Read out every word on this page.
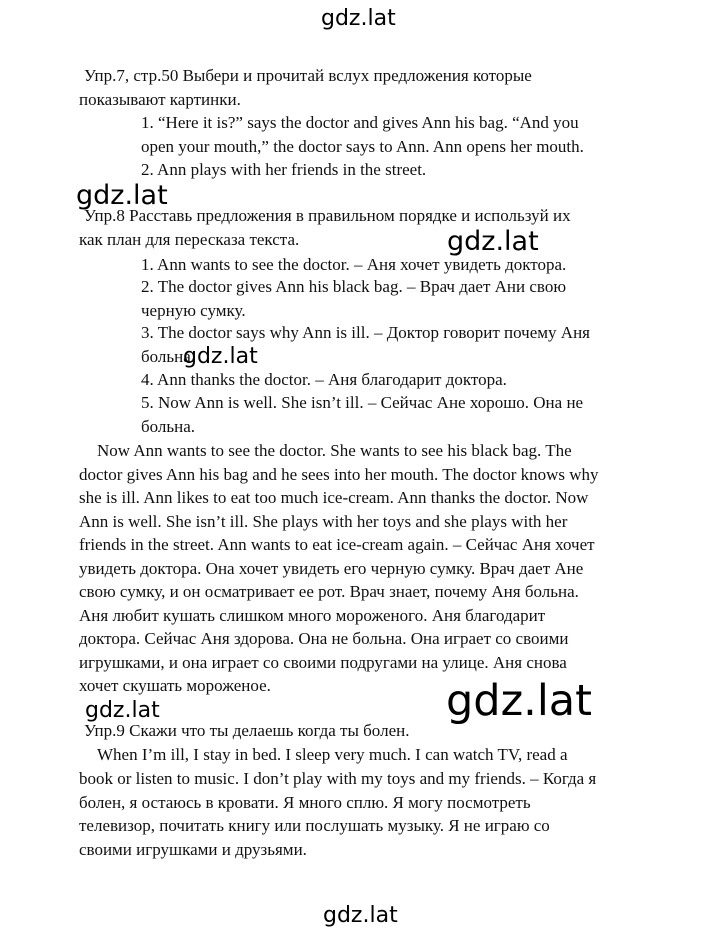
gdz.lat
gdz.lat
gdz.lat
gdz.lat
gdz.lat
gdz.lat
gdz.lat
Упр.7, стр.50 Выбери и прочитай вслух предложения которые
показывают картинки.
1. “Here it is?” says the doctor and gives Ann his bag. “And you
open your mouth,” the doctor says to Ann. Ann opens her mouth.
2. Ann plays with her friends in the street.
Упр.8 Расставь предложения в правильном порядке и используй их
как план для пересказа текста.
1. Ann wants to see the doctor. – Аня хочет увидеть доктора.
2. The doctor gives Ann his black bag. – Врач дает Ани свою
черную сумку.
3. The doctor says why Ann is ill. – Доктор говорит почему Аня
больна.
4. Ann thanks the doctor. – Аня благодарит доктора.
5. Now Ann is well. She isn’t ill. – Сейчас Ане хорошо. Она не
больна.
Now Ann wants to see the doctor. She wants to see his black bag. The
doctor gives Ann his bag and he sees into her mouth. The doctor knows why
she is ill. Ann likes to eat too much ice-cream. Ann thanks the doctor. Now
Ann is well. She isn’t ill. She plays with her toys and she plays with her
friends in the street. Ann wants to eat ice-cream again. – Сейчас Аня хочет
увидеть доктора. Она хочет увидеть его черную сумку. Врач дает Ане
свою сумку, и он осматривает ее рот. Врач знает, почему Аня больна.
Аня любит кушать слишком много мороженого. Аня благодарит
доктора. Сейчас Аня здорова. Она не больна. Она играет со своими
игрушками, и она играет со своими подругами на улице. Аня снова
хочет скушать мороженое.
Упр.9 Скажи что ты делаешь когда ты болен.
When I’m ill, I stay in bed. I sleep very much. I can watch TV, read a
book or listen to music. I don’t play with my toys and my friends. – Когда я
болен, я остаюсь в кровати. Я много сплю. Я могу посмотреть
телевизор, почитать книгу или послушать музыку. Я не играю со
своими игрушками и друзьями.
